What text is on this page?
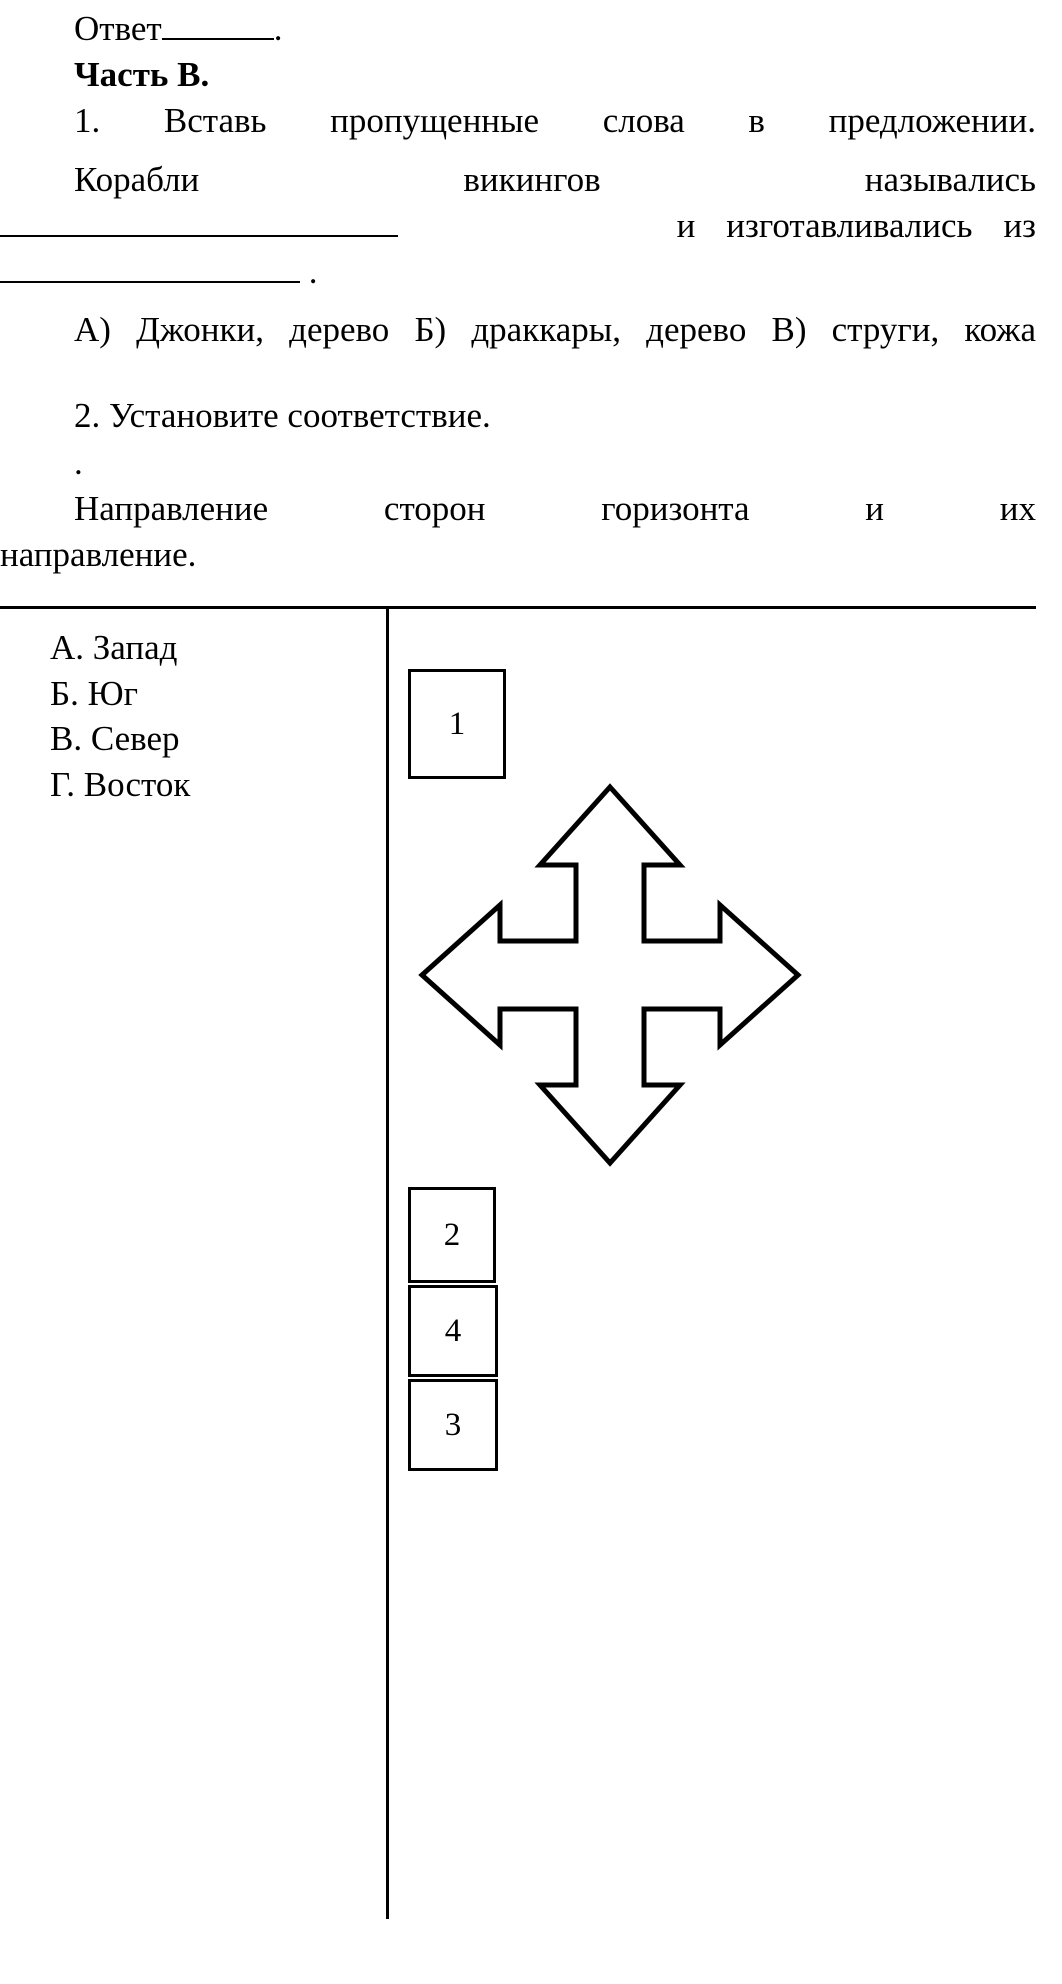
Ответ	.
Часть В.
1. Вставь пропущенные слова в предложении.
Корабли викингов назывались
и изготавливались из
.
А) Джонки, дерево Б) драккары, дерево В) струги, кожа
2. Установите соответствие.
.
Направление сторон горизонта и их
направление.
А. Запад
Б. Юг
В. Север
Г. Восток
1
2
4
3
